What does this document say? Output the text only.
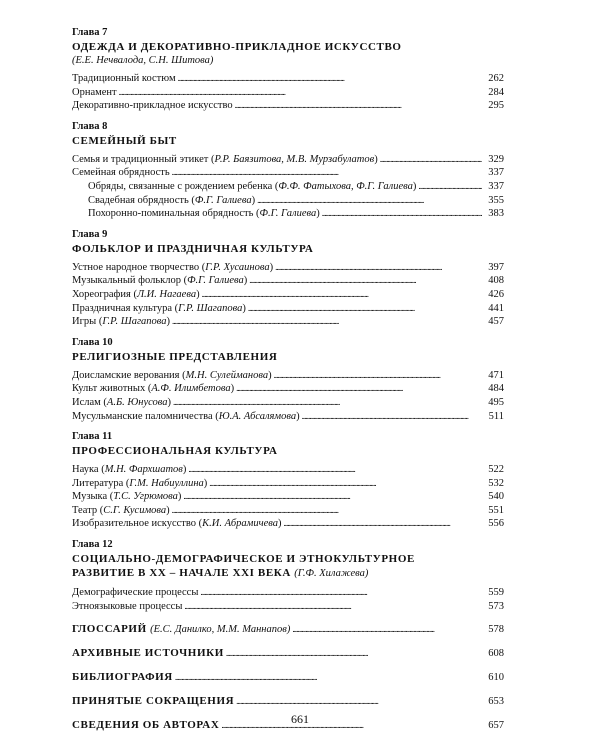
Глава 7
ОДЕЖДА И ДЕКОРАТИВНО-ПРИКЛАДНОЕ ИСКУССТВО
(Е.Е. Нечвалода, С.Н. Шитова)
Традиционный костюм . . .	262
Орнамент . . .	284
Декоративно-прикладное искусство . . .	295
Глава 8
СЕМЕЙНЫЙ БЫТ
Семья и традиционный этикет (Р.Р. Баязитова, М.В. Мурзабулатов) . . .	329
Семейная обрядность . . .	337
Обряды, связанные с рождением ребенка (Ф.Ф. Фатыхова, Ф.Г. Галиева) . . .	337
Свадебная обрядность (Ф.Г. Галиева) . . .	355
Похоронно-поминальная обрядность (Ф.Г. Галиева) . . .	383
Глава 9
ФОЛЬКЛОР И ПРАЗДНИЧНАЯ КУЛЬТУРА
Устное народное творчество (Г.Р. Хусаинова) . . .	397
Музыкальный фольклор (Ф.Г. Галиева) . . .	408
Хореография (Л.И. Нагаева) . . .	426
Праздничная культура (Г.Р. Шагапова) . . .	441
Игры (Г.Р. Шагапова) . . .	457
Глава 10
РЕЛИГИОЗНЫЕ ПРЕДСТАВЛЕНИЯ
Доисламские верования (М.Н. Сулейманова) . . .	471
Культ животных (А.Ф. Илимбетова) . . .	484
Ислам (А.Б. Юнусова) . . .	495
Мусульманские паломничества (Ю.А. Абсалямова) . . .	511
Глава 11
ПРОФЕССИОНАЛЬНАЯ КУЛЬТУРА
Наука (М.Н. Фархшатов) . . .	522
Литература (Г.М. Набиуллина) . . .	532
Музыка (Т.С. Угрюмова) . . .	540
Театр (С.Г. Кусимова) . . .	551
Изобразительное искусство (К.И. Абрамичева) . . .	556
Глава 12
СОЦИАЛЬНО-ДЕМОГРАФИЧЕСКОЕ И ЭТНОКУЛЬТУРНОЕ
РАЗВИТИЕ В XX – НАЧАЛЕ XXI ВЕКА (Г.Ф. Хилажева)
Демографические процессы . . .	559
Этноязыковые процессы . . .	573
ГЛОССАРИЙ (Е.С. Данилко, М.М. Маннапов) . . .	578
АРХИВНЫЕ ИСТОЧНИКИ . . .	608
БИБЛИОГРАФИЯ . . .	610
ПРИНЯТЫЕ СОКРАЩЕНИЯ . . .	653
СВЕДЕНИЯ ОБ АВТОРАХ . . .	657
661
